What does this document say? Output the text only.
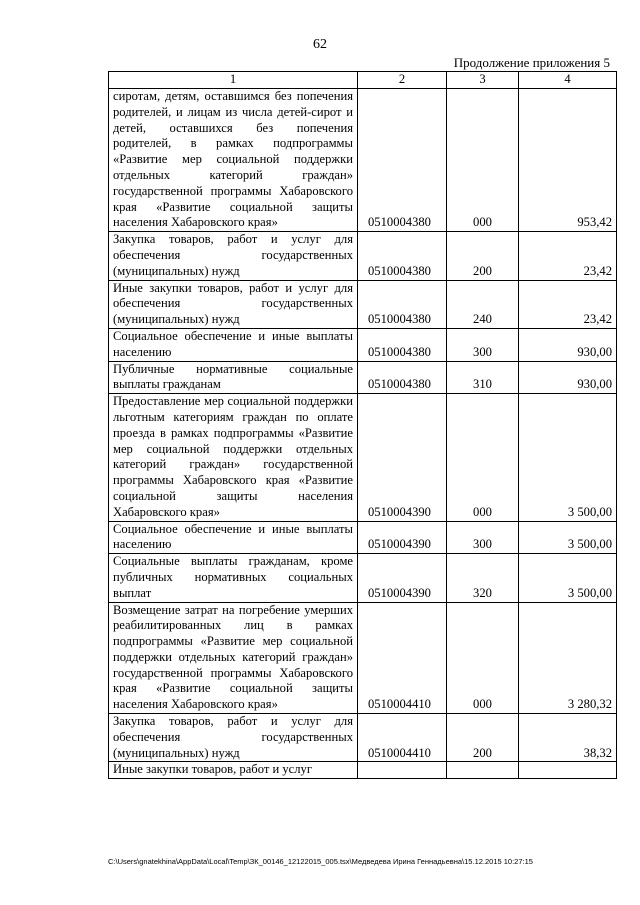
62
Продолжение приложения 5
1	2	3	4
сиротам, детям, оставшимся без попечения родителей, и лицам из числа детей-сирот и детей, оставшихся без попечения родителей, в рамках подпрограммы «Развитие мер социальной поддержки отдельных категорий граждан» государственной программы Хабаровского края «Развитие социальной защиты населения Хабаровского края»	0510004380	000	953,42
Закупка товаров, работ и услуг для обеспечения государственных (муниципальных) нужд	0510004380	200	23,42
Иные закупки товаров, работ и услуг для обеспечения государственных (муниципальных) нужд	0510004380	240	23,42
Социальное обеспечение и иные выплаты населению	0510004380	300	930,00
Публичные нормативные социальные выплаты гражданам	0510004380	310	930,00
Предоставление мер социальной поддержки льготным категориям граждан по оплате проезда в рамках подпрограммы «Развитие мер социальной поддержки отдельных категорий граждан» государственной программы Хабаровского края «Развитие социальной защиты населения Хабаровского края»	0510004390	000	3 500,00
Социальное обеспечение и иные выплаты населению	0510004390	300	3 500,00
Социальные выплаты гражданам, кроме публичных нормативных социальных выплат	0510004390	320	3 500,00
Возмещение затрат на погребение умерших реабилитированных лиц в рамках подпрограммы «Развитие мер социальной поддержки отдельных категорий граждан» государственной программы Хабаровского края «Развитие социальной защиты населения Хабаровского края»	0510004410	000	3 280,32
Закупка товаров, работ и услуг для обеспечения государственных (муниципальных) нужд	0510004410	200	38,32
Иные закупки товаров, работ и услуг			
C:\Users\gnatekhina\AppData\Local\Temp\ЗК_00146_12122015_005.tsx\Медведева Ирина Геннадьевна\15.12.2015 10:27:15
